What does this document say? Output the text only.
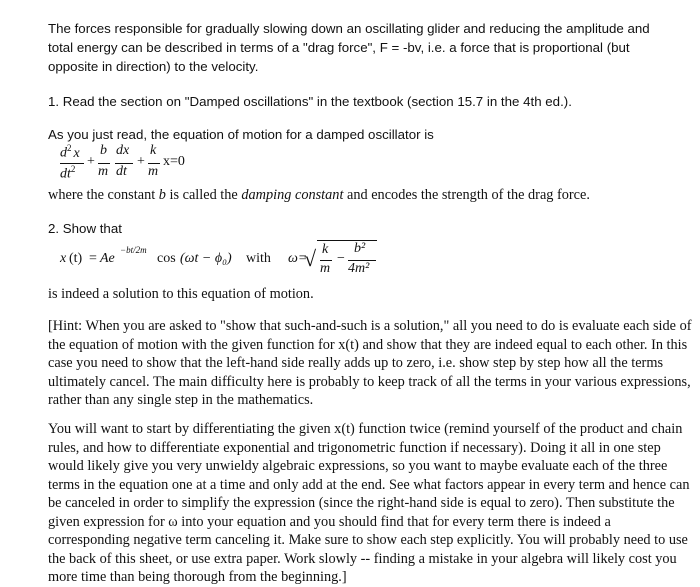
The forces responsible for gradually slowing down an oscillating glider and reducing the amplitude and
total energy can be described in terms of a "drag force", F = -bv, i.e. a force that is proportional (but
opposite in direction) to the velocity.
1. Read the section on "Damped oscillations" in the textbook (section 15.7 in the 4th ed.).
As you just read, the equation of motion for a damped oscillator is
$d^2$ x
$dt^2$ +
b
m
dx
dt
+
k
m
x=0
where the constant b is called the damping constant and encodes the strength of the drag force.
2. Show that
x (t) = Ae
−bt/2m
cos (ωt − ϕ₀) with ω=
√ k
m
−
b²
4m²
is indeed a solution to this equation of motion.
[Hint: When you are asked to "show that such-and-such is a solution," all you need to do is evaluate each side of the equation of motion with the given function for x(t) and show that they are indeed equal to each other. In this case you need to show that the left-hand side really adds up to zero, i.e. show step by step how all the terms ultimately cancel. The main difficulty here is probably to keep track of all the terms in your various expressions, rather than any single step in the mathematics.
You will want to start by differentiating the given x(t) function twice (remind yourself of the product and chain rules, and how to differentiate exponential and trigonometric function if necessary). Doing it all in one step would likely give you very unwieldy algebraic expressions, so you want to maybe evaluate each of the three terms in the equation one at a time and only add at the end. See what factors appear in every term and hence can be canceled in order to simplify the expression (since the right-hand side is equal to zero). Then substitute the given expression for ω into your equation and you should find that for every term there is indeed a corresponding negative term canceling it. Make sure to show each step explicitly. You will probably need to use the back of this sheet, or use extra paper. Work slowly -- finding a mistake in your algebra will likely cost you more time than being thorough from the beginning.]
